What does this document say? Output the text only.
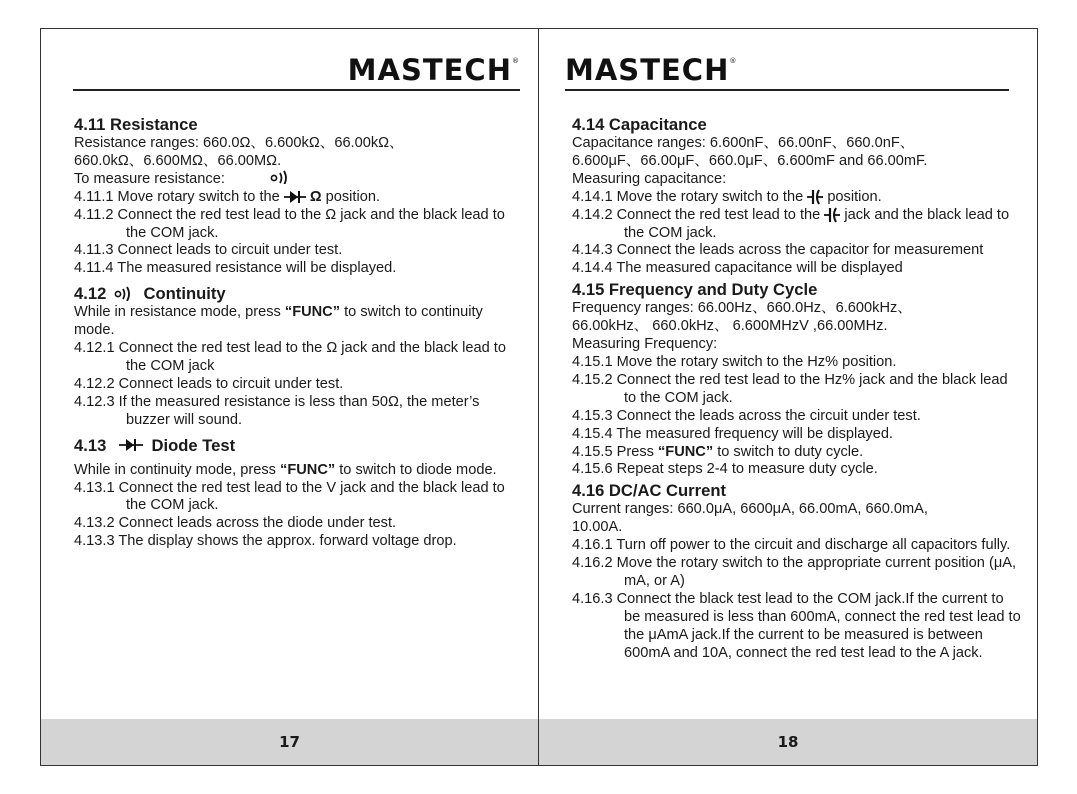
MASTECH®
4.11 Resistance
Resistance ranges: 660.0Ω、6.600kΩ、66.00kΩ、
660.0kΩ、6.600MΩ、66.00MΩ.
To measure resistance:
4.11.1 Move rotary switch to the Ω position.
4.11.2 Connect the red test lead to the Ω jack and the black lead to the COM jack.
4.11.3 Connect leads to circuit under test.
4.11.4 The measured resistance will be displayed.
4.12 Continuity
While in resistance mode, press “FUNC” to switch to continuity mode.
4.12.1 Connect the red test lead to the Ω jack and the black lead to the COM jack
4.12.2 Connect leads to circuit under test.
4.12.3 If the measured resistance is less than 50Ω, the meter’s buzzer will sound.
4.13	Diode Test
While in continuity mode, press “FUNC” to switch to diode mode.
4.13.1 Connect the red test lead to the V jack and the black lead to the COM jack.
4.13.2 Connect leads across the diode under test.
4.13.3 The display shows the approx. forward voltage drop.
17
MASTECH®
4.14 Capacitance
Capacitance ranges: 6.600nF、66.00nF、660.0nF、
6.600μF、66.00μF、660.0μF、6.600mF and 66.00mF.
Measuring capacitance:
4.14.1 Move the rotary switch to the position.
4.14.2 Connect the red test lead to the jack and the black lead to the COM jack.
4.14.3 Connect the leads across the capacitor for measurement
4.14.4 The measured capacitance will be displayed
4.15 Frequency and Duty Cycle
Frequency ranges: 66.00Hz、660.0Hz、6.600kHz、
66.00kHz、 660.0kHz、 6.600MHzV ,66.00MHz.
Measuring Frequency:
4.15.1 Move the rotary switch to the Hz% position.
4.15.2 Connect the red test lead to the Hz% jack and the black lead to the COM jack.
4.15.3 Connect the leads across the circuit under test.
4.15.4 The measured frequency will be displayed.
4.15.5 Press “FUNC” to switch to duty cycle.
4.15.6 Repeat steps 2-4 to measure duty cycle.
4.16 DC/AC Current
Current ranges: 660.0μA, 6600μA, 66.00mA, 660.0mA,
10.00A.
4.16.1 Turn off power to the circuit and discharge all capacitors fully.
4.16.2 Move the rotary switch to the appropriate current position (μA, mA, or A)
4.16.3 Connect the black test lead to the COM jack.If the current to be measured is less than 600mA, connect the red test lead to the μAmA jack.If the current to be measured is between 600mA and 10A, connect the red test lead to the A jack.
18
